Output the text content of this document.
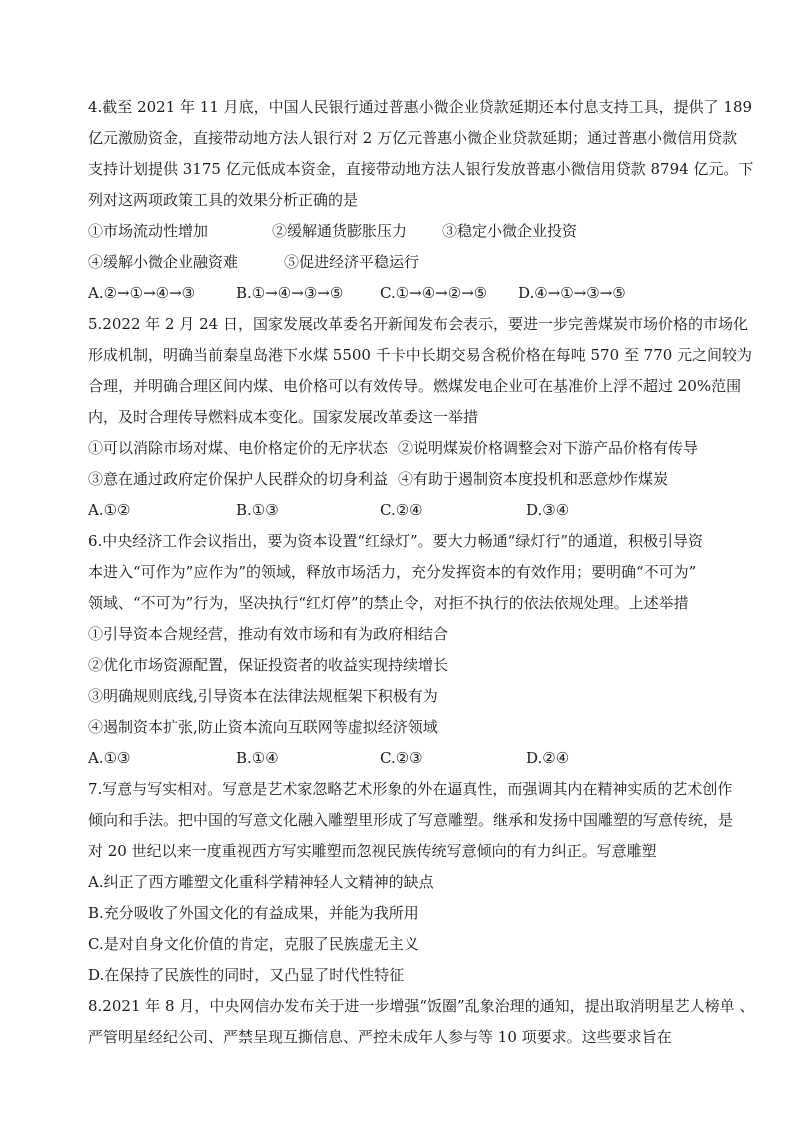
4.截至 2021 年 11 月底，中国人民银行通过普惠小微企业贷款延期还本付息支持工具，提供了 189
亿元激励资金，直接带动地方法人银行对 2 万亿元普惠小微企业贷款延期；通过普惠小微信用贷款
支持计划提供 3175 亿元低成本资金，直接带动地方法人银行发放普惠小微信用贷款 8794 亿元。下
列对这两项政策工具的效果分析正确的是
①市场流动性增加	②缓解通货膨胀压力 ③稳定小微企业投资
④缓解小微企业融资难	⑤促进经济平稳运行
A.②→①→④→③	B.①→④→③→⑤ C.①→④→②→⑤ D.④→①→③→⑤
5.2022 年 2 月 24 日，国家发展改革委名开新闻发布会表示，要进一步完善煤炭市场价格的市场化
形成机制，明确当前秦皇岛港下水煤 5500 千卡中长期交易含税价格在每吨 570 至 770 元之间较为
合理，并明确合理区间内煤、电价格可以有效传导。燃煤发电企业可在基准价上浮不超过 20%范围
内，及时合理传导燃料成本变化。国家发展改革委这一举措
①可以消除市场对煤、电价格定价的无序状态 ②说明煤炭价格调整会对下游产品价格有传导
③意在通过政府定价保护人民群众的切身利益 ④有助于遏制资本度投机和恶意炒作煤炭
A.①②	B.①③	C.②④	D.③④
6.中央经济工作会议指出，要为资本设置“红绿灯”。要大力畅通“绿灯行”的通道，积极引导资
本进入“可作为”应作为”的领域，释放市场活力，充分发挥资本的有效作用；要明确“不可为”
领域、“不可为”行为，坚决执行“红灯停”的禁止令，对拒不执行的依法依规处理。上述举措
①引导资本合规经营，推动有效市场和有为政府相结合
②优化市场资源配置，保证投资者的收益实现持续增长
③明确规则底线,引导资本在法律法规框架下积极有为
④遏制资本扩张,防止资本流向互联网等虚拟经济领域
A.①③	B.①④	C.②③	D.②④
7.写意与写实相对。写意是艺术家忽略艺术形象的外在逼真性，而强调其内在精神实质的艺术创作
倾向和手法。把中国的写意文化融入雕塑里形成了写意雕塑。继承和发扬中国雕塑的写意传统，是
对 20 世纪以来一度重视西方写实雕塑而忽视民族传统写意倾向的有力纠正。写意雕塑
A.纠正了西方雕塑文化重科学精神轻人文精神的缺点
B.充分吸收了外国文化的有益成果，并能为我所用
C.是对自身文化价值的肯定，克服了民族虚无主义
D.在保持了民族性的同时，又凸显了时代性特征
8.2021 年 8 月，中央网信办发布关于进一步增强“饭圈”乱象治理的通知，提出取消明星艺人榜单 、
严管明星经纪公司、严禁呈现互撕信息、严控未成年人参与等 10 项要求。这些要求旨在
